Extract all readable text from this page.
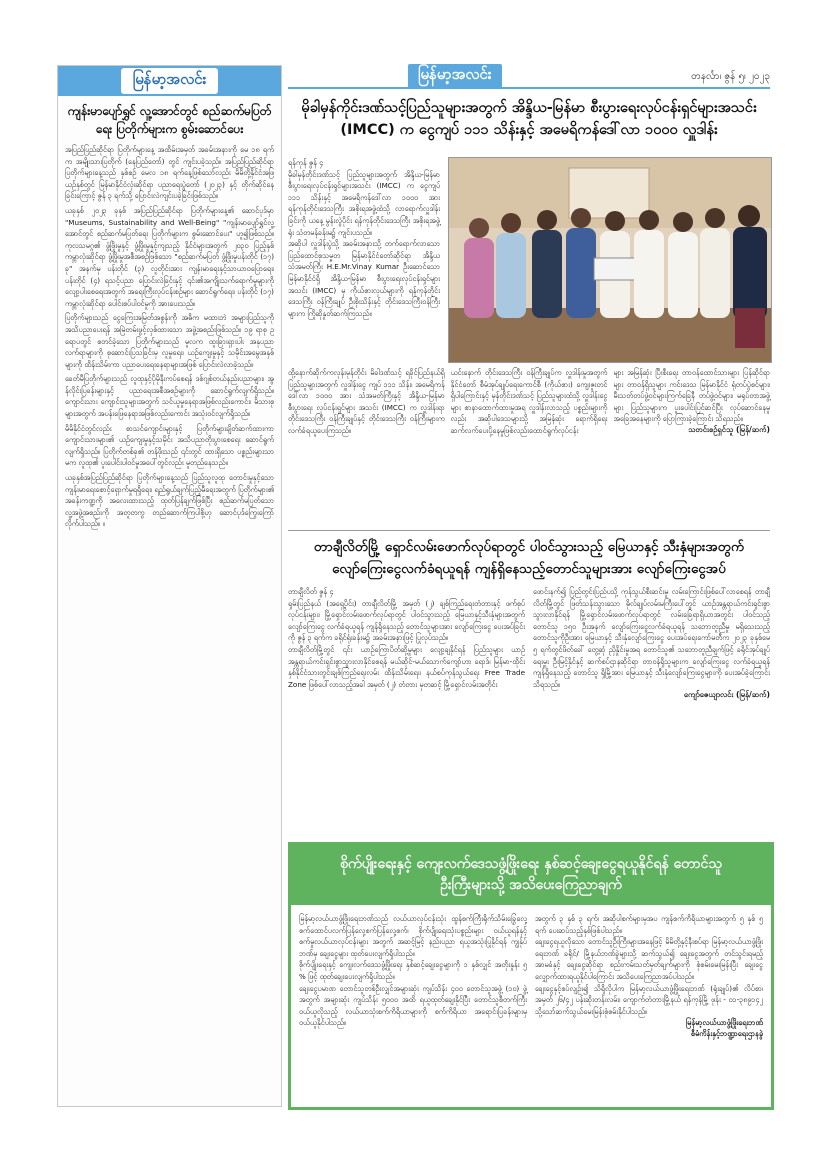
မြန်မာ့အလင်း
ကျန်းမာပျော်ရွှင် လူ့အောင်တွင် စည်ဆက်မပြတ်ရေး ပြတိုက်များက စွမ်းဆောင်ပေး

အပြည်ပြည်ဆိုင်ရာ ပြတိုက်များနေ့ အထိမ်းအမှတ် အခမ်းအနားကို မေ ၁၈ ရက်က အမျိုးသားပြတိုက် (နေပြည်တော်) တွင် ကျင်းပခဲ့သည်။ အပြည်ပြည်ဆိုင်ရာ ပြတိုက်များနေ့သည် နှစ်စဉ် မေလ ၁၈ ရက်နေ့ဖြစ်သော်လည်း မိမိတို့နိုင်ငံအဖြ ယဉ်နှစ်တွင် မြန်မာနိုင်ငံလုံးဆိုင်ရာ ပညာရေးပွဲတော် (၂၀၂၃) နှင့် တိုက်ဆိုင်နေခြင်းကြောင့် ဇွန် ၃ ရက်သို့ ပြောင်းလဲကျင်းပခဲ့ခြင်းဖြစ်သည်။

ယခုနှစ် ၂၀၂၃ ခုနှစ် အပြည်ပြည်ဆိုင်ရာ ပြတိုက်များနေ့၏ ဆောင်ပုဒ်မှာ "Museums, Sustainability and Well-Being" "ကျန်းမာပျော်ရွှင်လူ့အောင်တွင် စည်ဆက်မပြတ်ရေး ပြတိုက်များက စွမ်းဆောင်ပေး" ဟူ၍ဖြစ်သည်။ ကုလသမဂ္ဂ၏ ဖွံ့ဖြိုးမှုနှင့် ဖွံ့ဖြိုးမှုနှင့်ကျသည့် နိုင်ငံများအတွက် ၂၀၃၀ ပြည့်နှစ် ကမ္ဘာလုံးဆိုင်ရာ ဖွံ့ဖြိုးမှုအစီအစဉ်ဖြစ်သော "စည်ဆက်မပြတ် ဖွံ့ဖြိုးမှုပန်းတိုင် (၁၇) ခု" အနက်မှ ပန်းတိုင် (၃) လူတိုင်းအား ကျန်းမာရေးနှင့်သာယာဝပြောရေး၊ ပန်းတိုင် (၄) ရသင့်ပညာ ပြောင်းလဲခြင်းနှင့် ၎င်း၏အကျိုးသက်ရောက်မှုများကို လျော့ပါးစေရေးအတွက် အရေးကြီးလုပ်ငန်းစဉ်များ ဆောင်ရွက်ရေး၊ ပန်းတိုင် (၁၇) ကမ္ဘာလုံးဆိုင်ရာ ပေါင်းစပ်ပါဝင်မှုကို အားပေးသည်။

ပြတိုက်များသည် ငွေကြေးအမြတ်အစွန်းကို အဓိက မထားဘဲ အများပြည်သူကို အသိပညာပေးရန် အမြဲတမ်းဖွင့်လှစ်ထားသော အဖွဲ့အစည်းဖြစ်သည်။ ၁၉ ရာစု ဥရောပတွင် စတင်ခဲ့သော ပြတိုက်များသည် မူလက ထူးခြားရှားပါး အနုပညာလက်ရာများကို စုဆောင်းပြသခြင်းမှ လူမှုရေး၊ ယဉ်ကျေးမှုနှင့် သမိုင်းအမွေအနှစ်များကို ထိန်းသိမ်းကာ ပညာပေးရေးနေရာများအဖြစ် ပြောင်းလဲလာခဲ့သည်။

ခေတ်မီပြတိုက်များသည် လူထုနှင့်ပိုမိုနီးကပ်စေရန် ဒစ်ဂျစ်တယ်နည်းပညာများ၊ အွန်လိုင်းပြခန်းများနှင့် ပညာရေးအစီအစဉ်များကို ဆောင်ရွက်လျက်ရှိသည်။ ကျောင်းသား ကျောင်းသူများအတွက် သင်ယူမှုနေရာအဖြစ်လည်းကောင်း၊ မိသားစုများအတွက် အပန်းဖြေနေရာအဖြစ်လည်းကောင်း အသုံးဝင်လျက်ရှိသည်။

မိမိနိုင်ငံတွင်လည်း စာသင်ကျောင်းများနှင့် ပြတိုက်များချိတ်ဆက်ထားကာ ကျောင်းသားများ၏ ယဉ်ကျေးမှုနှင့်သမိုင်း အသိပညာတိုးပွားစေရေး ဆောင်ရွက်လျက်ရှိသည်။ ပြတိုက်တစ်ခု၏ တန်ဖိုးသည် ၎င်းတွင် ထားရှိသော ပစ္စည်းများသာမက လူထု၏ ပူးပေါင်းပါဝင်မှုအပေါ်တွင်လည်း မူတည်နေသည်။

ယခုနှစ်အပြည်ပြည်ဆိုင်ရာ ပြတိုက်များနေ့သည် ပြည်သူလူထု တောင်းမှုနှင့်သော ကျန်းမာရေးစောင့်ရှောက်မှုရရှိရေး၊ ရည်ရွယ်ချက်ပြည့်မီရေးအတွက် ပြတိုက်များ၏ အခန်းကဏ္ဍကို အလေးထားသည့် ထုတ်ပြန်ချက်ဖြစ်ပြီး စည်ဆက်မပြတ်သော လူ့အဖွဲ့အစည်းကို အတူတကွ တည်ဆောက်ကြပါစို့ဟု ဆောင်ပုဒ်ကြွေးကြော်လိုက်ပါသည်။ ။

မြန်မာ့အလင်း	တနင်္လာ၊ ဇွန် ၅၊ ၂၀၂၃
မိုခါမှန်ကိုင်းဒဏ်သင့်ပြည်သူများအတွက် အိန္ဒိယ-မြန်မာ စီးပွားရေးလုပ်ငန်းရှင်များအသင်း (IMCC) က ငွေကျပ် ၁၁၁ သိန်းနှင့် အမေရိကန်ဒေါ်လာ ၁၀၀၀ လှူဒါန်း

ရန်ကုန် ဇွန် ၄
မိုခါမှန်တိုင်းဒဏ်သင့် ပြည်သူများအတွက် အိန္ဒိယ-မြန်မာ စီးပွားရေးလုပ်ငန်းရှင်များအသင်း (IMCC) က ငွေကျပ် ၁၁၁ သိန်းနှင့် အမေရိကန်ဒေါ်လာ ၁၀၀၀ အား ရန်ကုန်တိုင်းဒေသကြီး အစိုးရအဖွဲ့ထံသို့ လာရောက်လှူဒါန်းခြင်းကို ယနေ့ မွန်းလွဲပိုင်း ရန်ကုန်တိုင်းဒေသကြီး အစိုးရအဖွဲ့ရုံး သံတမန်ခန်းမ၌ ကျင်းပသည်။
အဆိုပါ လှူဒါန်းပွဲသို့ အခမ်းအနားသို့ တက်ရောက်လာသော ပြည်ထောင်စုသမ္မတ မြန်မာနိုင်ငံတော်ဆိုင်ရာ အိန္ဒိယသံအမတ်ကြီး H.E.Mr.Vinay Kumar ဦးဆောင်သော မြန်မာနိုင်ငံရှိ အိန္ဒိယ-မြန်မာ စီးပွားရေးလုပ်ငန်းရှင်များ အသင်း (IMCC) မှ ကိုယ်စားလှယ်များကို ရန်ကုန်တိုင်းဒေသကြီး ဝန်ကြီးချုပ် ဦးစိုးသိန်းနှင့် တိုင်းဒေသကြီးဝန်ကြီးများက ကြိုဆိုနှုတ်ဆက်ကြသည်။

ထို့နောက်ဆိုက်ကလုန်းမုန်တိုင်း မိခါဒဏ်သင့် ရခိုင်ပြည်နယ်ရှိ ပြည်သူများအတွက် လှူဒါန်းငွေ ကျပ် ၁၁၁ သိန်း၊ အမေရိကန် ဒေါ်လာ ၁၀၀၀ အား သံအမတ်ကြီးနှင့် အိန္ဒိယ-မြန်မာစီးပွားရေး လုပ်ငန်းရှင်များ အသင်း (IMCC) က လှူဒါန်းရာ တိုင်းဒေသကြီး ဝန်ကြီးချုပ်နှင့် တိုင်းဒေသကြီး ဝန်ကြီးများက လက်ခံရယူပေးကြသည်။

ယင်းနောက် တိုင်းဒေသကြီး ဝန်ကြီးချုပ်က လှူဒါန်းမှုအတွက် နိုင်ငံတော် စီမံအုပ်ချုပ်ရေးကောင်စီ (ကိုယ်စား) ကျေးဇူးတင်ရှိပါကြောင်းနှင့် မုန်တိုင်းဒဏ်သင့် ပြည်သူများထံသို့ လှူဒါန်းငွေများ စာနာထောက်ထားမှုအရ လှူဒါန်းလာသည့် ပစ္စည်းများကိုလည်း အဆိုပါဒေသများသို့ အမြန်ဆုံး ရောက်ရှိရေး ဆက်လက်ပေးပို့နေမှုဖြစ်လည်းထောင်ရွက်လုပ်ငန်း

များ အမြန်ဆုံး ပြီးစီးရေး တာဝန်ထောင်သားများ ပြန်ဆိုင်ရာ များ တာဝန်ရှိသူများ ကင်းဒေသ မြန်မာနိုင်ငံ ရုံတပ်ပွဲစင်များ၊ မီးသတ်တပ်ဖွဲ့ဝင်များကြက်ခြေနီ တပ်ဖွဲ့ဝင်များ၊ မရုပ်တာအဖွဲ့များ ပြည်သူများက ပူးပေါင်းပြင်ဆင်ပြီး လုပ်ဆောင်နေမှု အခြေအနေများကို ပြောကြားခဲ့ကြောင်း သိရသည်။

သတင်းစဉ်ရှင်သူ (မြန်/ဆက်)
တာချီလိတ်မြို့ ရှောင်လမ်းဖောက်လုပ်ရာတွင် ပါဝင်သွားသည့် မြေယာနှင့် သီးနှံများအတွက် လျော်ကြေးငွေလက်ခံရယူရန် ကျန်ရှိနေသည့်တောင်သူများအား လျော်ကြေးငွေအပ်

တာချီလိတ် ဇွန် ၄
ရှမ်းပြည်နယ် (အရှေ့ပိုင်း) တာချီလိတ်မြို့ အမှတ် (၂) ချစ်ကြည်ရေးတံတားနှင့် ဖက်စုပ်လုပ်ငန်းများ၊ မြို့ရှောင်လမ်းဖောက်လုပ်ရာတွင် ပါဝင်သွားသည့် မြေယာနှင့်သီးနှံများအတွက် လျော်ကြေးငွေ လက်ခံရယူရန် ကျန်ရှိနေသည့် တောင်သူများအား လျော်ကြေးငွေ ပေးအပ်ခြင်းကို ဇွန် ၃ ရက်က ခရိုင်ရုံးခန်းမ၌ အခမ်းအနားဖြင့် ပြုလုပ်သည်။
တာချီလိတ်မြို့တွင် ၎င်း ယာဉ်ကြောပိတ်ဆို့မှုများ လျော့ချနိုင်ရန် ပြည်သူများ ယာဉ်အန္တရာယ်ကင်းရှင်းစွာသွားလာနိုင်စေရန် မယ်ဆိုင်-မယ်သောက်ကျော်ဟာ ရောဒ်၊ မြန်မာ-ထိုင်း နှစ်နိုင်ငံသားတွင်းချစ်ကြည်ရေးလမ်း ထိန်းသိမ်းရေး၊ နယ်စပ်ကုန်သွယ်ရေး Free Trade Zone ဖြစ်ပေါ်လာသည့်အခါ အမှတ် (၂) တံတား မှတဆင့် မြို့ရှောင်လမ်းအတိုင်း

ဖောင်းနက်၍ ပြည်တွင်းပြည်ပသို့ ကုန်သွယ်စီးဆင်းမှု လမ်းကြောင်းဖြစ်ပေါ်လာစေရန် တာချီလိတ်မြို့တွင် ဖြတ်သန်းသွားသော ဓိုလ်ချုပ်လမ်းမကြီးပေါ်တွင် ယာဉ်အန္တရာယ်ကင်းရှင်းစွာ သွားလာနိုင်ရန် မြို့ရှောင်လမ်းဖောက်လုပ်ရာတွင် လမ်းခြေရာရှိယာအတွင်း ပါဝင်သည့် တောင်သူ ၁၅၀ ဦးအနက် လျော်ကြေးငွေလက်ခံရယူရန် သဘောတူညီမှု မရှိသေးသည့် တောင်သူကိုဦးအား မြေယာနှင့် သီးနှံလျော်ကြေးငွေ ပေးအပ်ရေးကော်မတီက ၂၀၂၃ ခုနှစ်မေ ၅ ရက်တွင်ဖိတ်ခေါ် တွေ့ဆုံ ညှိနှိုင်းမှုအရ တောင်သူ၏ သဘောတူညီချက်ဖြင့် ခရိုင်အုပ်ချုပ်ရေးမှူး ဦးမြင့်နိုင်နှင့် ဆက်စပ်ဌာနဆိုင်ရာ တာဝန်ရှိသူများက လျော်ကြေးငွေ လက်ခံရယူရန် ကျန်ရှိနေသည့် တောင်သူ ရှိမြို့အား မြေယာနှင့် သီးနှံလျော်ကြေးငွေများကို ပေးအပ်ခဲ့ကြောင်း သိရသည်။

ကျော်ဇေယျာလင်း (မြန်/ဆက်)
စိုက်ပျိုးရေးနှင့် ကျေးလက်ဒေသဖွံ့ဖြိုးရေး နှစ်ဆင့်ချေးငွေရယူနိုင်ရန် တောင်သူဦးကြီးများသို့ အသိပေးကြေညာချက်

မြန်မာ့လယ်ယာဖွံ့ဖြိုးရေးဘဏ်သည် လယ်ယာလုပ်ငန်းသုံး ထွန်စက်ကြီးရိုက်သိမ်းခြွေလှေ့စက်ထောင်ပလက်ပြန်လှေ့စက်ပြန်လှေ့စက်၊ စိုက်ပျိုးရေးသုံးပစ္စည်းများ ဝယ်ယူရန်နှင့် စက်မှုလယ်ယာလုပ်ငန်းများ အတွက် အဆင့်မြင့် နည်းပညာ ရယူအသုံးပြုနိုင်ရန် ကျွန်ုပ်ဘဏ်မှ ချေးငွေများ ထုတ်ပေးလျက်ရှိပါသည်။
စိုက်ပျိုးရေးနှင့် ကျေးလက်ဒေသဖွံ့ဖြိုးရေး နှစ်ဆင့်ချေးငွေများကို ၁ နှစ်လျှင် အတိုးနှုန်း ၅ % ဖြင့် ထုတ်ချေးပေးလျက်ရှိပါသည်။
ချေးငွေပမာဏ တောင်သူတစ်ဦးလျှင်အများဆုံး ကျပ်သိန်း ၄၀၀ တောင်သူအဖွဲ့ (၁၀) ဖွဲ့အတွက် အများဆုံး ကျပ်သိန်း ၅၀၀၀ အထိ ရယူထုတ်ချေးနိုင်ပြီး တောင်သူစီတက်ကြီး ဝယ်ယူလိုသည့် လယ်ယာသုံးစက်ကိရိယာများကို စက်ကိရိယာ အရောင်းပြခန်းများမှ ဝယ်ယူနိုင်ပါသည်။

အတွက် ၃ နှစ် ၃ ရက်၊ အဆိုပါစက်များမှအပ ကျန်စက်ကိရိယာများအတွက် ၅ နှစ် ၅ ရက် ပေးဆပ်သည့်နှစ်ဖြစ်ပါသည်။
ချေးငွေရယူလိုသော တောင်သူဦးကြီးများအနေဖြင့် မိမိတို့နှင့်နီးစပ်ရာ မြန်မာ့လယ်ယာဖွံ့ဖြိုးရေးဘဏ် ခရိုင်/ မြို့နယ်ဘဏ်ခွဲများသို့ ဆက်သွယ်၍ ချေးငွေအတွက် တင်သွင်းရမည့်အာမခံနှင့် ချေးငွေဆိုင်ရာ စည်းကမ်းသတ်မှတ်ချက်များကို စုံစမ်းမေးမြန်းပြီး ချေးငွေလျှောက်ထားရယူနိုင်ပါကြောင်း အသိပေးကြေညာအပ်ပါသည်။
ချေးငွေနှင့်စပ်လျဉ်း၍ သိရှိလိုပါက မြန်မာ့လယ်ယာဖွံ့ဖြိုးရေးဘဏ် (ရုံးချုပ်)၏ လိပ်စာ၊ အမှတ် ၂၆/၄၂ ပန်းဆိုးတန်းလမ်း၊ ကျောက်တံတားမြို့နယ် ရန်ကုန်မြို့ ဖုန်း - ၀၁-၃၈၉၁၄၂ သို့သော်ဆက်သွယ်မေးမြန်းစုံစမ်းနိုင်ပါသည်။

မြန်မာ့လယ်ယာဖွံ့ဖြိုးရေးဘဏ်
စီမံကိန်းနှင့်ဘဏ္ဍာရေးဌာနခွဲ
